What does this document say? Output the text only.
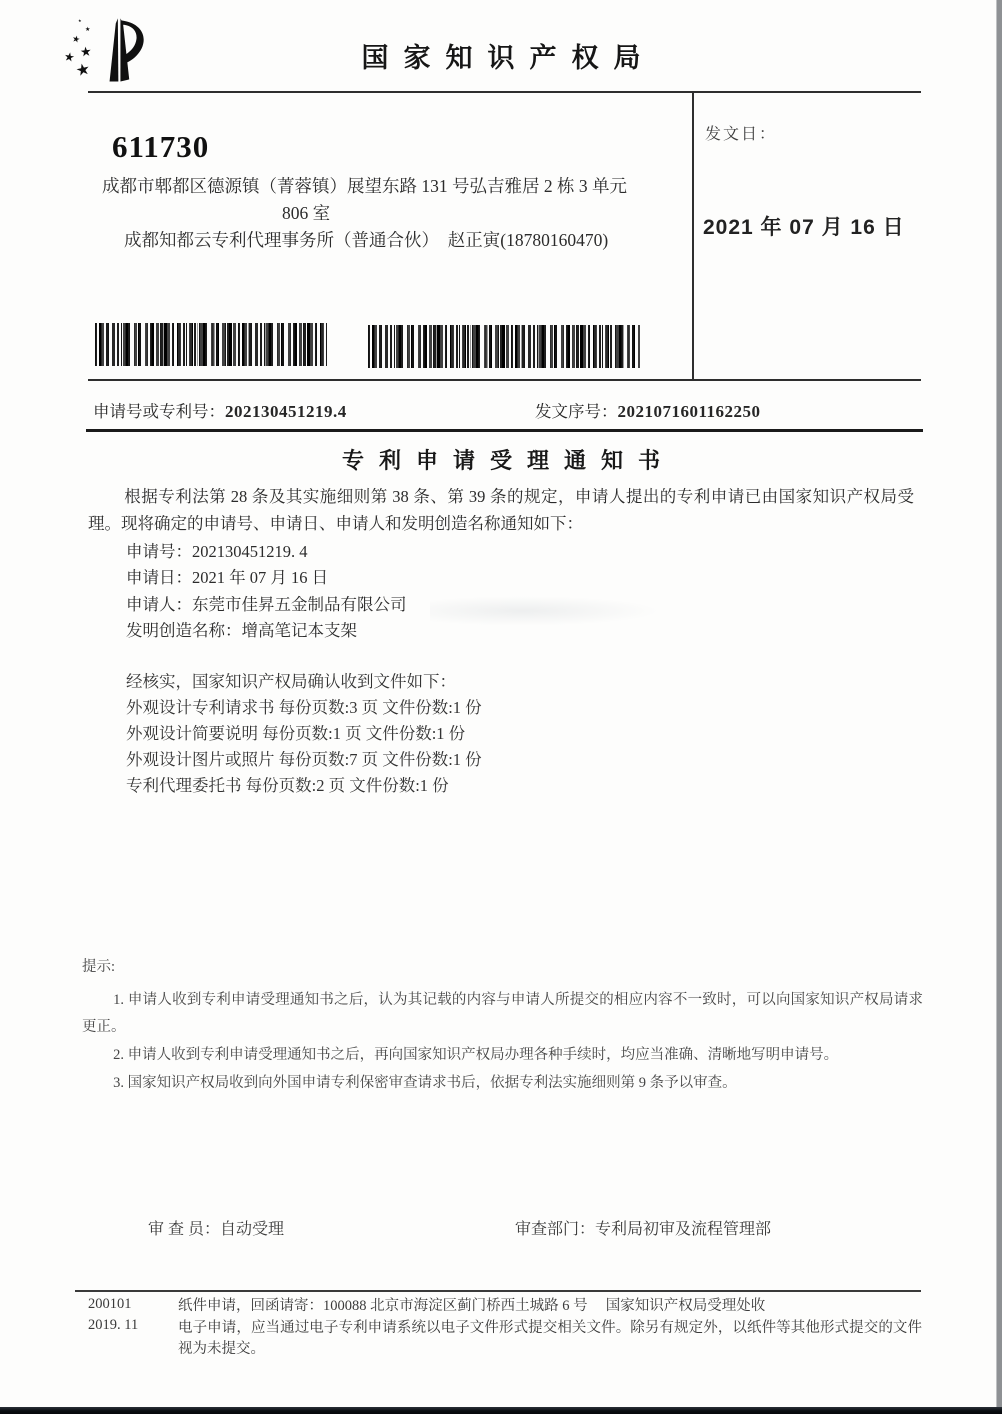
★
★ ★
★
★
★
国家知识产权局
611730
成都市郫都区德源镇（菁蓉镇）展望东路 131 号弘吉雅居 2 栋 3 单元
806 室
成都知都云专利代理事务所（普通合伙）　赵正寅(18780160470)
发文日：
2021 年 07 月 16 日
申请号或专利号：202130451219.4	发文序号：2021071601162250
专利申请受理通知书

根据专利法第 28 条及其实施细则第 38 条、第 39 条的规定，申请人提出的专利申请已由国家知识产权局受理。现将确定的申请号、申请日、申请人和发明创造名称通知如下：

申请号：202130451219. 4
申请日：2021 年 07 月 16 日
申请人：东莞市佳昇五金制品有限公司
发明创造名称：增高笔记本支架
经核实，国家知识产权局确认收到文件如下：
外观设计专利请求书 每份页数:3 页 文件份数:1 份
外观设计简要说明 每份页数:1 页 文件份数:1 份
外观设计图片或照片 每份页数:7 页 文件份数:1 份
专利代理委托书 每份页数:2 页 文件份数:1 份
提示:

1. 申请人收到专利申请受理通知书之后，认为其记载的内容与申请人所提交的相应内容不一致时，可以向国家知识产权局请求更正。

2. 申请人收到专利申请受理通知书之后，再向国家知识产权局办理各种手续时，均应当准确、清晰地写明申请号。

3. 国家知识产权局收到向外国申请专利保密审查请求书后，依据专利法实施细则第 9 条予以审查。

审 查 员：自动受理	审查部门：专利局初审及流程管理部
200101
2019. 11

纸件申请，回函请寄：100088 北京市海淀区蓟门桥西土城路 6 号　 国家知识产权局受理处收

电子申请，应当通过电子专利申请系统以电子文件形式提交相关文件。除另有规定外，以纸件等其他形式提交的文件视为未提交。
